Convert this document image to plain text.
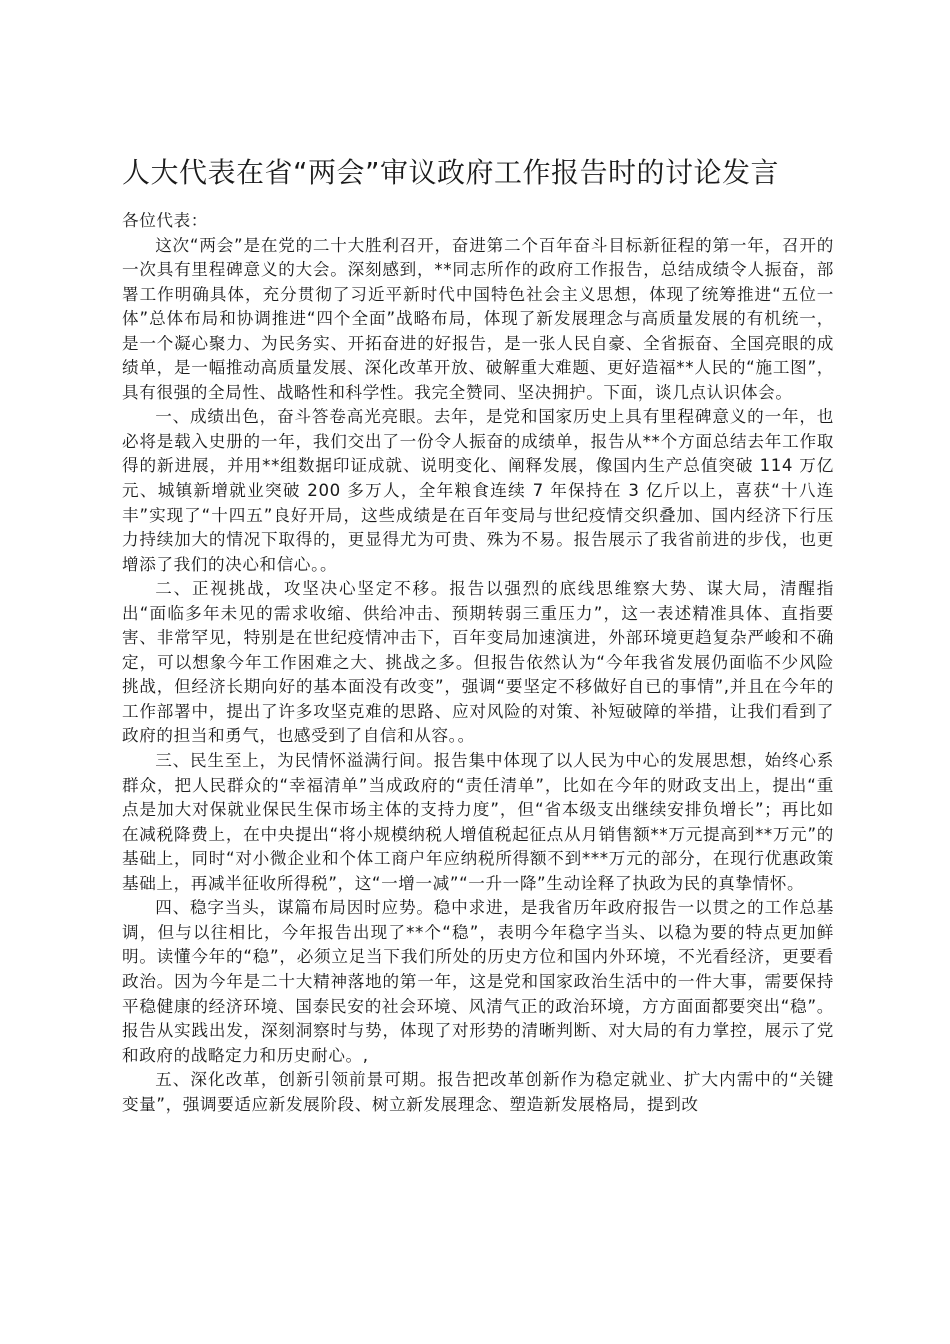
人大代表在省“两会”审议政府工作报告时的讨论发言

各位代表：

这次“两会”是在党的二十大胜利召开，奋进第二个百年奋斗目标新征程的第一年，召开的一次具有里程碑意义的大会。深刻感到，**同志所作的政府工作报告，总结成绩令人振奋，部署工作明确具体，充分贯彻了习近平新时代中国特色社会主义思想，体现了统筹推进“五位一体”总体布局和协调推进“四个全面”战略布局，体现了新发展理念与高质量发展的有机统一，是一个凝心聚力、为民务实、开拓奋进的好报告，是一张人民自豪、全省振奋、全国亮眼的成绩单，是一幅推动高质量发展、深化改革开放、破解重大难题、更好造福**人民的“施工图”，具有很强的全局性、战略性和科学性。我完全赞同、坚决拥护。下面，谈几点认识体会。

一、成绩出色，奋斗答卷高光亮眼。去年，是党和国家历史上具有里程碑意义的一年，也必将是载入史册的一年，我们交出了一份令人振奋的成绩单，报告从**个方面总结去年工作取得的新进展，并用**组数据印证成就、说明变化、阐释发展，像国内生产总值突破 114 万亿元、城镇新增就业突破 200 多万人，全年粮食连续 7 年保持在 3 亿斤以上，喜获“十八连丰”实现了“十四五”良好开局，这些成绩是在百年变局与世纪疫情交织叠加、国内经济下行压力持续加大的情况下取得的，更显得尤为可贵、殊为不易。报告展示了我省前进的步伐，也更增添了我们的决心和信心。。

二、正视挑战，攻坚决心坚定不移。报告以强烈的底线思维察大势、谋大局，清醒指出“面临多年未见的需求收缩、供给冲击、预期转弱三重压力”，这一表述精准具体、直指要害、非常罕见，特别是在世纪疫情冲击下，百年变局加速演进，外部环境更趋复杂严峻和不确定，可以想象今年工作困难之大、挑战之多。但报告依然认为“今年我省发展仍面临不少风险挑战，但经济长期向好的基本面没有改变”，强调“要坚定不移做好自已的事情”,并且在今年的工作部署中，提出了许多攻坚克难的思路、应对风险的对策、补短破障的举措，让我们看到了政府的担当和勇气，也感受到了自信和从容。。

三、民生至上，为民情怀溢满行间。报告集中体现了以人民为中心的发展思想，始终心系群众，把人民群众的“幸福清单”当成政府的“责任清单”，比如在今年的财政支出上，提出“重点是加大对保就业保民生保市场主体的支持力度”，但“省本级支出继续安排负增长”；再比如在减税降费上，在中央提出“将小规模纳税人增值税起征点从月销售额**万元提高到**万元”的基础上，同时“对小微企业和个体工商户年应纳税所得额不到***万元的部分，在现行优惠政策基础上，再减半征收所得税”，这“一增一减”“一升一降”生动诠释了执政为民的真挚情怀。

四、稳字当头，谋篇布局因时应势。稳中求进，是我省历年政府报告一以贯之的工作总基调，但与以往相比，今年报告出现了**个“稳”，表明今年稳字当头、以稳为要的特点更加鲜明。读懂今年的“稳”，必须立足当下我们所处的历史方位和国内外环境，不光看经济，更要看政治。因为今年是二十大精神落地的第一年，这是党和国家政治生活中的一件大事，需要保持平稳健康的经济环境、国泰民安的社会环境、风清气正的政治环境，方方面面都要突出“稳”。报告从实践出发，深刻洞察时与势，体现了对形势的清晰判断、对大局的有力掌控，展示了党和政府的战略定力和历史耐心。,

五、深化改革，创新引领前景可期。报告把改革创新作为稳定就业、扩大内需中的“关键变量”，强调要适应新发展阶段、树立新发展理念、塑造新发展格局，提到改
